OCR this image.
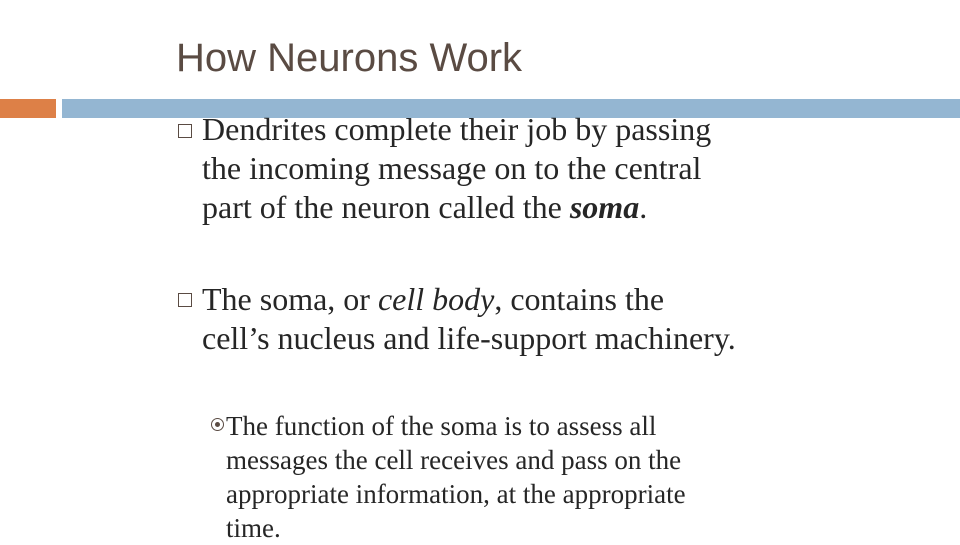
How Neurons Work
Dendrites complete their job by passing
the incoming message on to the central
part of the neuron called the soma.
The soma, or cell body, contains the
cell’s nucleus and life-support machinery.
The function of the soma is to assess all
messages the cell receives and pass on the
appropriate information, at the appropriate
time.
